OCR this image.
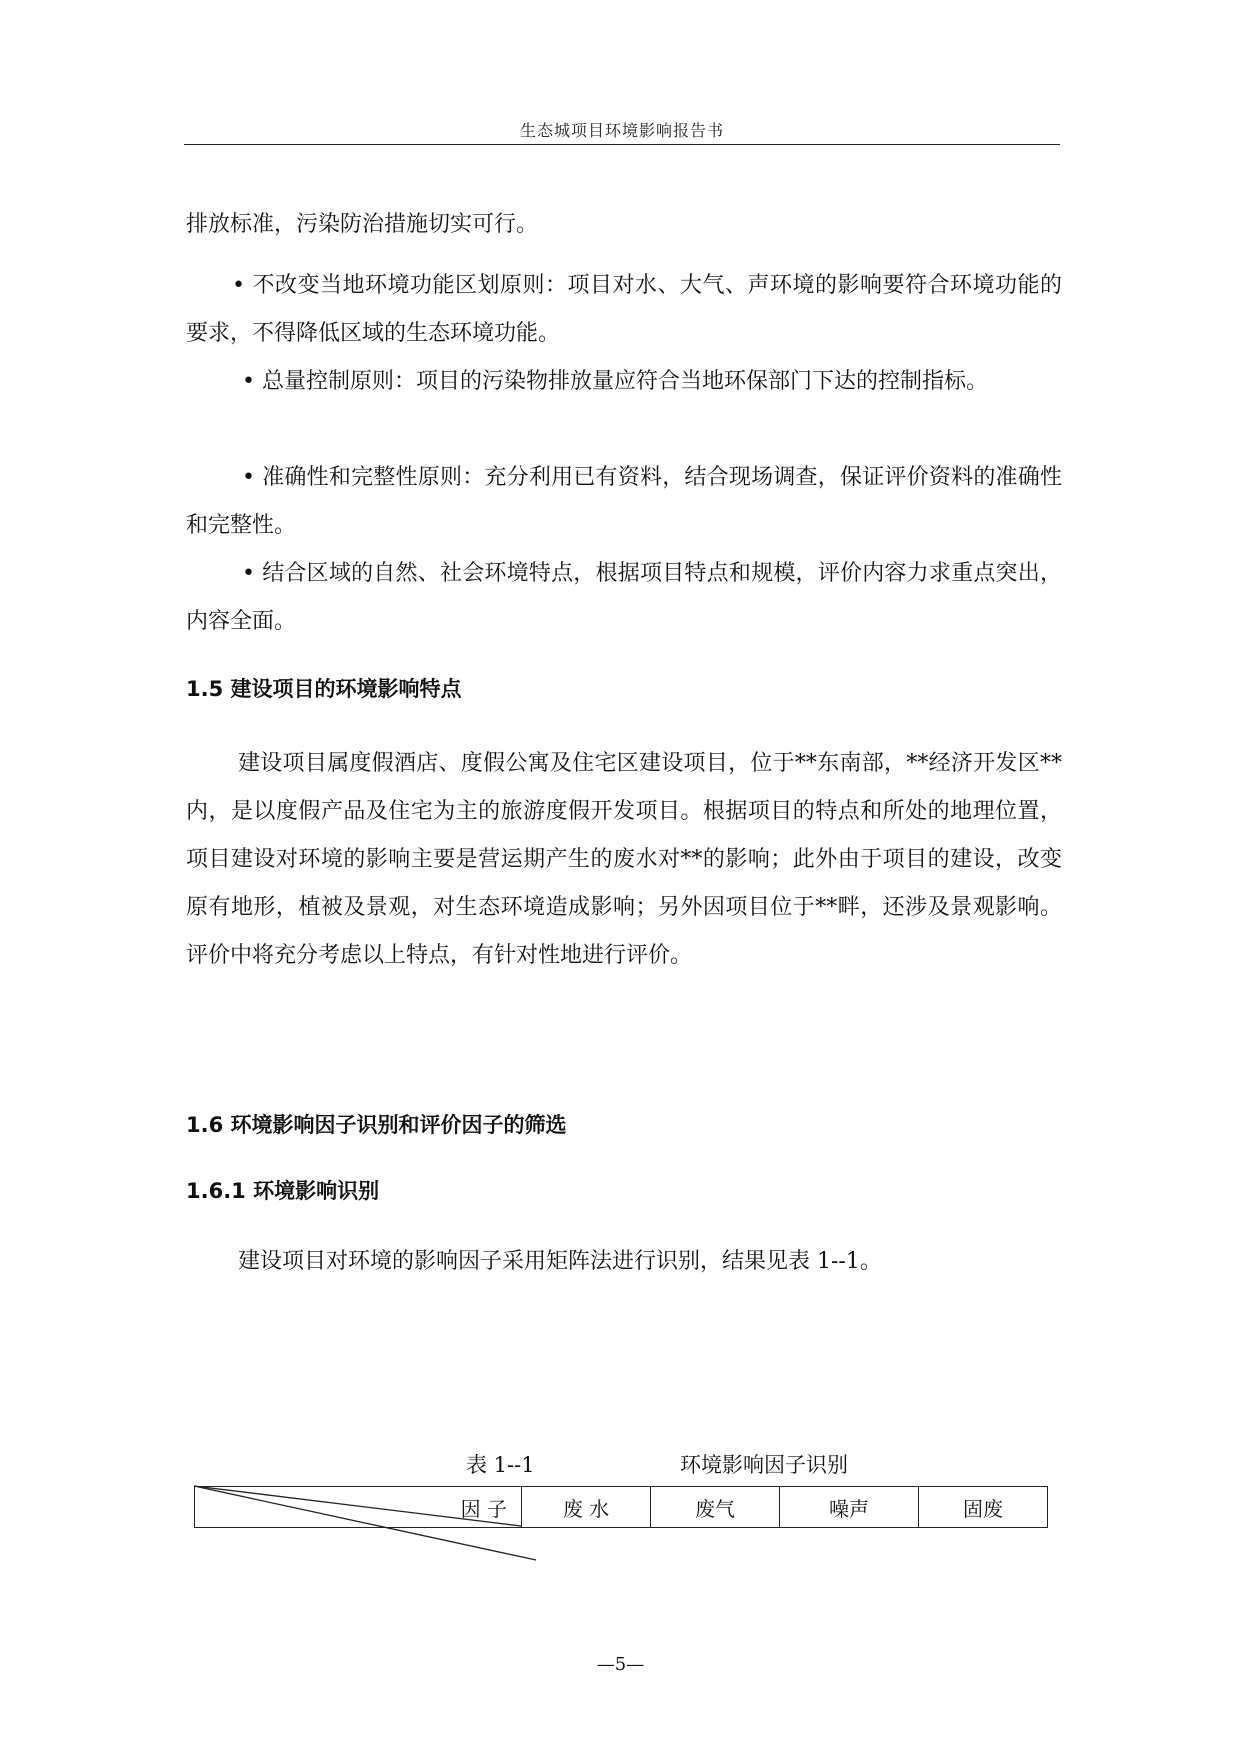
生态城项目环境影响报告书

排放标准，污染防治措施切实可行。

• 不改变当地环境功能区划原则：项目对水、大气、声环境的影响要符合环境功能的要求，不得降低区域的生态环境功能。

• 总量控制原则：项目的污染物排放量应符合当地环保部门下达的控制指标。

• 准确性和完整性原则：充分利用已有资料，结合现场调查，保证评价资料的准确性和完整性。

• 结合区域的自然、社会环境特点，根据项目特点和规模，评价内容力求重点突出，内容全面。

1.5 建设项目的环境影响特点

建设项目属度假酒店、度假公寓及住宅区建设项目，位于**东南部，**经济开发区**内，是以度假产品及住宅为主的旅游度假开发项目。根据项目的特点和所处的地理位置，项目建设对环境的影响主要是营运期产生的废水对**的影响；此外由于项目的建设，改变原有地形，植被及景观，对生态环境造成影响；另外因项目位于**畔，还涉及景观影响。评价中将充分考虑以上特点，有针对性地进行评价。

1.6 环境影响因子识别和评价因子的筛选
1.6.1 环境影响识别

建设项目对环境的影响因子采用矩阵法进行识别，结果见表 1--1。

表 1--1	环境影响因子识别
因 子	废 水	废气	噪声	固废
—5—
